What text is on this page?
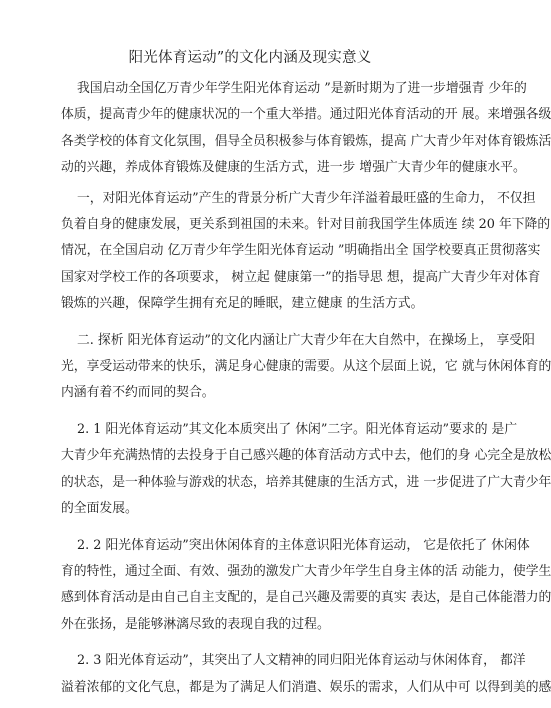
阳光体育运动”的文化内涵及现实意义

我国启动全国亿万青少年学生阳光体育运动 ”是新时期为了进一步增强青 少年的
体质，提高青少年的健康状况的一个重大举措。通过阳光体育活动的开 展。来增强各级
各类学校的体育文化氛围，倡导全员积极参与体育锻炼，提高 广大青少年对体育锻炼活
动的兴趣，养成体育锻炼及健康的生活方式，进一步 增强广大青少年的健康水平。

一，对阳光体育运动”产生的背景分析广大青少年洋溢着最旺盛的生命力， 不仅担
负着自身的健康发展，更关系到祖国的未来。针对目前我国学生体质连 续 20 年下降的
情况，在全国启动 亿万青少年学生阳光体育运动 ”明确指出全 国学校要真正贯彻落实
国家对学校工作的各项要求， 树立起 健康第一”的指导思 想，提高广大青少年对体育
锻炼的兴趣，保障学生拥有充足的睡眠，建立健康 的生活方式。

二. 探析 阳光体育运动”的文化内涵让广大青少年在大自然中，在操场上， 享受阳
光，享受运动带来的快乐，满足身心健康的需要。从这个层面上说，它 就与休闲体育的
内涵有着不约而同的契合。

2. 1 阳光体育运动”其文化本质突出了 休闲”二字。阳光体育运动”要求的 是广
大青少年充满热情的去投身于自己感兴趣的体育活动方式中去，他们的身 心完全是放松
的状态，是一种体验与游戏的状态，培养其健康的生活方式，进 一步促进了广大青少年
的全面发展。

2. 2 阳光体育运动”突出休闲体育的主体意识阳光体育运动， 它是依托了 休闲体
育的特性，通过全面、有效、强劲的激发广大青少年学生自身主体的活 动能力，使学生
感到体育活动是由自己自主支配的，是自己兴趣及需要的真实 表达，是自己体能潜力的
外在张扬，是能够淋漓尽致的表现自我的过程。

2. 3 阳光体育运动”，其突出了人文精神的同归阳光体育运动与休闲体育， 都洋
溢着浓郁的文化气息，都是为了满足人们消遣、娱乐的需求，人们从中可 以得到美的感
